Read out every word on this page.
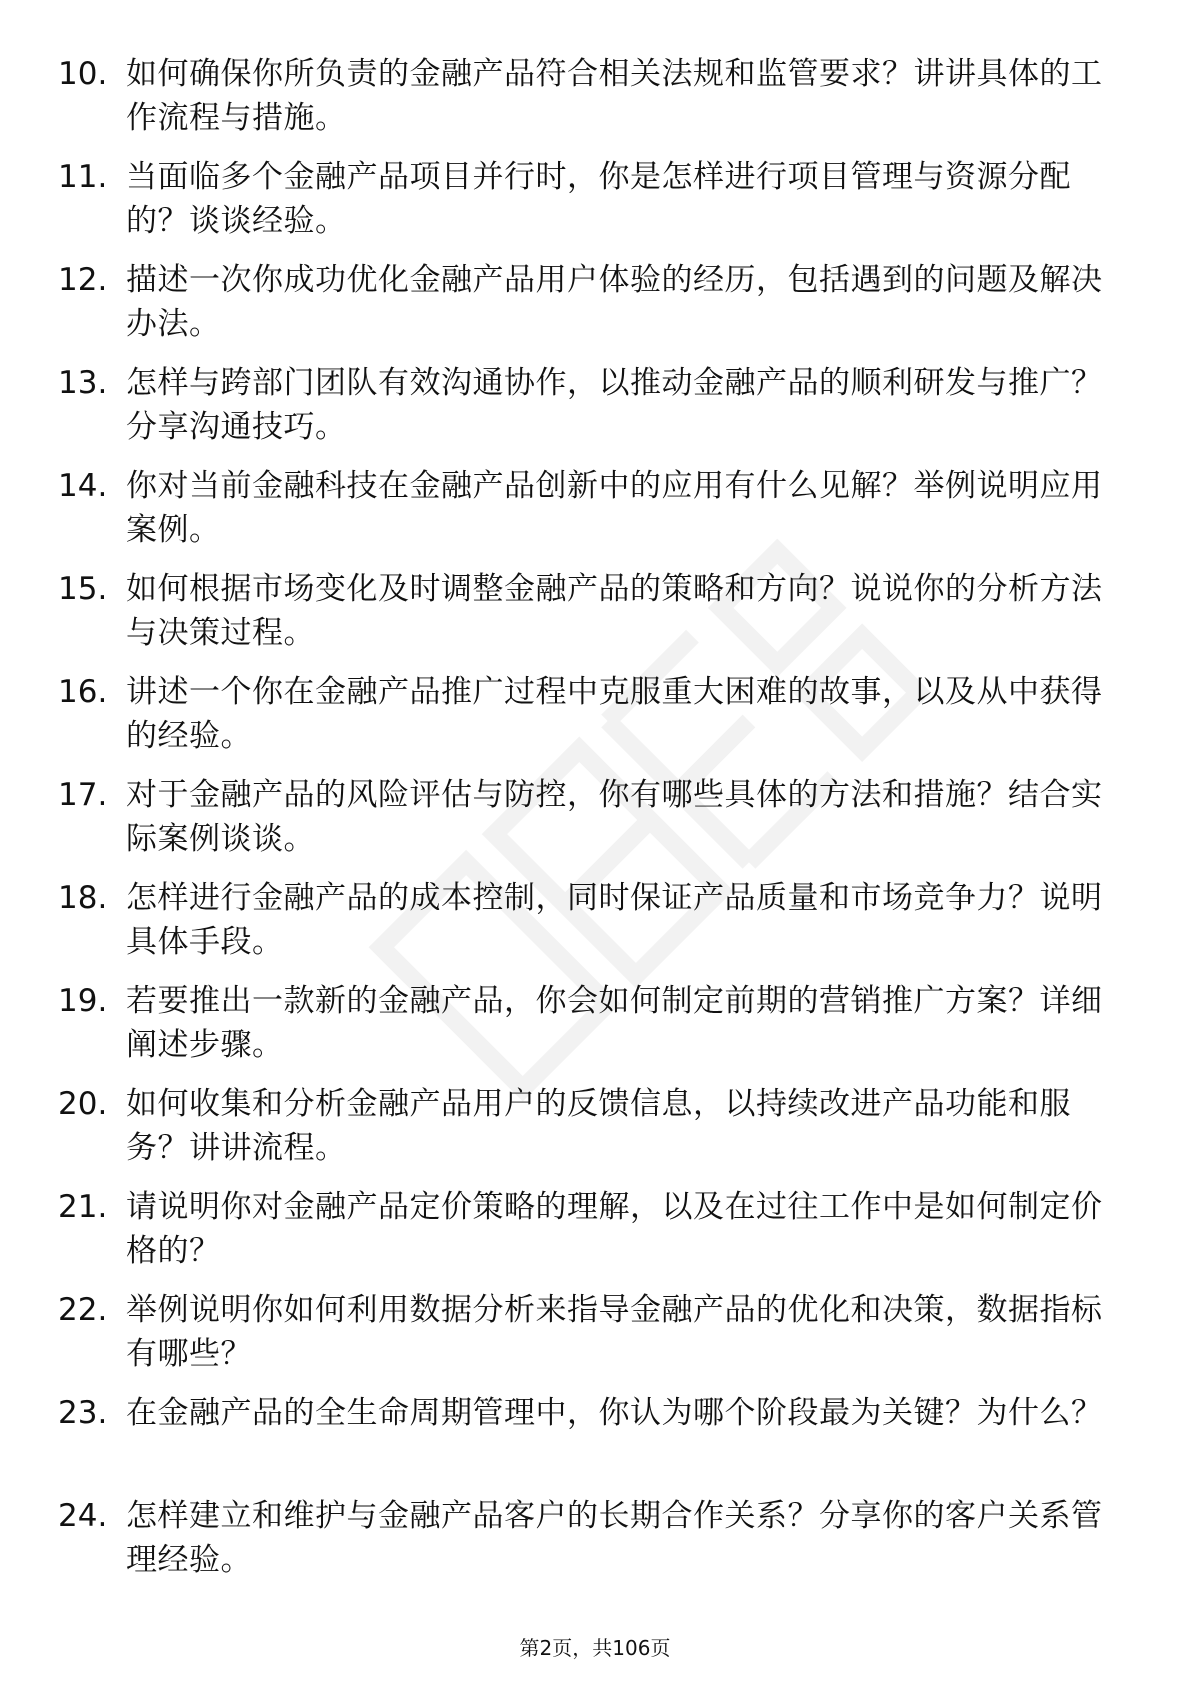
10. 如何确保你所负责的金融产品符合相关法规和监管要求？讲讲具体的工作流程与措施。
11. 当面临多个金融产品项目并行时，你是怎样进行项目管理与资源分配的？谈谈经验。
12. 描述一次你成功优化金融产品用户体验的经历，包括遇到的问题及解决办法。
13. 怎样与跨部门团队有效沟通协作，以推动金融产品的顺利研发与推广？分享沟通技巧。
14. 你对当前金融科技在金融产品创新中的应用有什么见解？举例说明应用案例。
15. 如何根据市场变化及时调整金融产品的策略和方向？说说你的分析方法与决策过程。
16. 讲述一个你在金融产品推广过程中克服重大困难的故事，以及从中获得的经验。
17. 对于金融产品的风险评估与防控，你有哪些具体的方法和措施？结合实际案例谈谈。
18. 怎样进行金融产品的成本控制，同时保证产品质量和市场竞争力？说明具体手段。
19. 若要推出一款新的金融产品，你会如何制定前期的营销推广方案？详细阐述步骤。
20. 如何收集和分析金融产品用户的反馈信息，以持续改进产品功能和服务？讲讲流程。
21. 请说明你对金融产品定价策略的理解，以及在过往工作中是如何制定价格的？
22. 举例说明你如何利用数据分析来指导金融产品的优化和决策，数据指标有哪些？
23. 在金融产品的全生命周期管理中，你认为哪个阶段最为关键？为什么？
24. 怎样建立和维护与金融产品客户的长期合作关系？分享你的客户关系管理经验。
第2页，共106页
